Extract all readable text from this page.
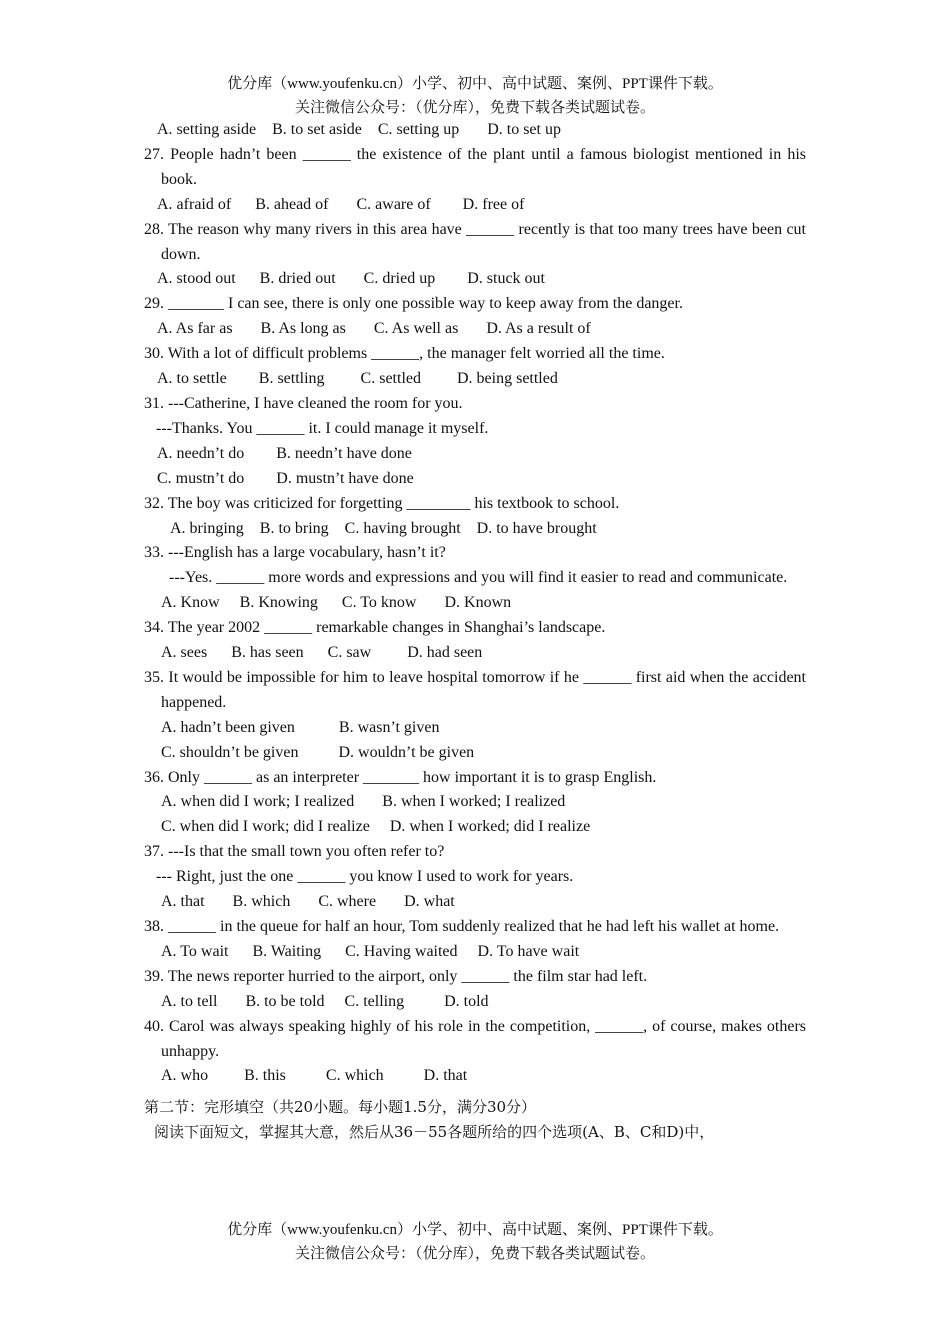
优分库（www.youfenku.cn）小学、初中、高中试题、案例、PPT课件下载。
关注微信公众号：（优分库），免费下载各类试题试卷。

A. setting aside    B. to set aside    C. setting up       D. to set up

27. People hadn’t been ______ the existence of the plant until a famous biologist mentioned in his book.

A. afraid of      B. ahead of       C. aware of        D. free of

28. The reason why many rivers in this area have ______ recently is that too many trees have been cut down.

A. stood out      B. dried out       C. dried up        D. stuck out

29. _______ I can see, there is only one possible way to keep away from the danger.

A. As far as       B. As long as       C. As well as       D. As a result of

30. With a lot of difficult problems ______, the manager felt worried all the time.

A. to settle        B. settling         C. settled         D. being settled

31. ---Catherine, I have cleaned the room for you.

---Thanks. You ______ it. I could manage it myself.

A. needn’t do        B. needn’t have done

C. mustn’t do        D. mustn’t have done

32. The boy was criticized for forgetting ________ his textbook to school.

A. bringing    B. to bring    C. having brought    D. to have brought

33. ---English has a large vocabulary, hasn’t it?

---Yes. ______ more words and expressions and you will find it easier to read and communicate.

A. Know     B. Knowing      C. To know       D. Known

34. The year 2002 ______ remarkable changes in Shanghai’s landscape.

A. sees      B. has seen      C. saw         D. had seen

35. It would be impossible for him to leave hospital tomorrow if he ______ first aid when the accident happened.

A. hadn’t been given           B. wasn’t given

C. shouldn’t be given          D. wouldn’t be given

36. Only ______ as an interpreter _______ how important it is to grasp English.

A. when did I work; I realized       B. when I worked; I realized

C. when did I work; did I realize     D. when I worked; did I realize

37. ---Is that the small town you often refer to?

--- Right, just the one ______ you know I used to work for years.

A. that       B. which       C. where       D. what

38. ______ in the queue for half an hour, Tom suddenly realized that he had left his wallet at home.

A. To wait      B. Waiting      C. Having waited     D. To have wait

39. The news reporter hurried to the airport, only ______ the film star had left.

A. to tell       B. to be told     C. telling          D. told

40. Carol was always speaking highly of his role in the competition, ______, of course, makes others unhappy.

A. who         B. this          C. which          D. that

第二节：完形填空（共20小题。每小题1.5分，满分30分）

阅读下面短文，掌握其大意，然后从36－55各题所给的四个选项(A、B、C和D)中，

优分库（www.youfenku.cn）小学、初中、高中试题、案例、PPT课件下载。
关注微信公众号：（优分库），免费下载各类试题试卷。
